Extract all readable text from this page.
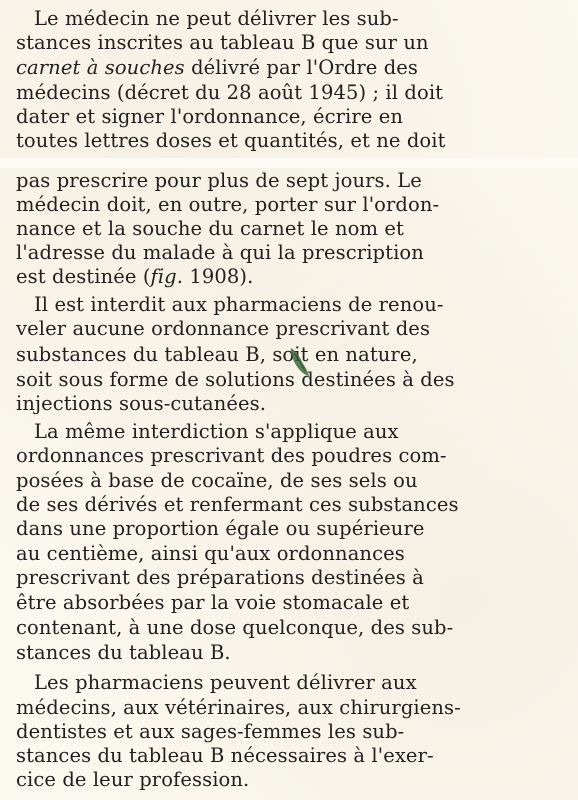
Le médecin ne peut délivrer les sub-

stances inscrites au tableau B que sur un

carnet à souches délivré par l'Ordre des

médecins (décret du 28 août 1945) ; il doit

dater et signer l'ordonnance, écrire en

toutes lettres doses et quantités, et ne doit

pas prescrire pour plus de sept jours. Le

médecin doit, en outre, porter sur l'ordon-

nance et la souche du carnet le nom et

l'adresse du malade à qui la prescription

est destinée (fig. 1908).

Il est interdit aux pharmaciens de renou-

veler aucune ordonnance prescrivant des

substances du tableau B, soit en nature,

soit sous forme de solutions destinées à des

injections sous-cutanées.

La même interdiction s'applique aux

ordonnances prescrivant des poudres com-

posées à base de cocaïne, de ses sels ou

de ses dérivés et renfermant ces substances

dans une proportion égale ou supérieure

au centième, ainsi qu'aux ordonnances

prescrivant des préparations destinées à

être absorbées par la voie stomacale et

contenant, à une dose quelconque, des sub-

stances du tableau B.

Les pharmaciens peuvent délivrer aux

médecins, aux vétérinaires, aux chirurgiens-

dentistes et aux sages-femmes les sub-

stances du tableau B nécessaires à l'exer-

cice de leur profession.
